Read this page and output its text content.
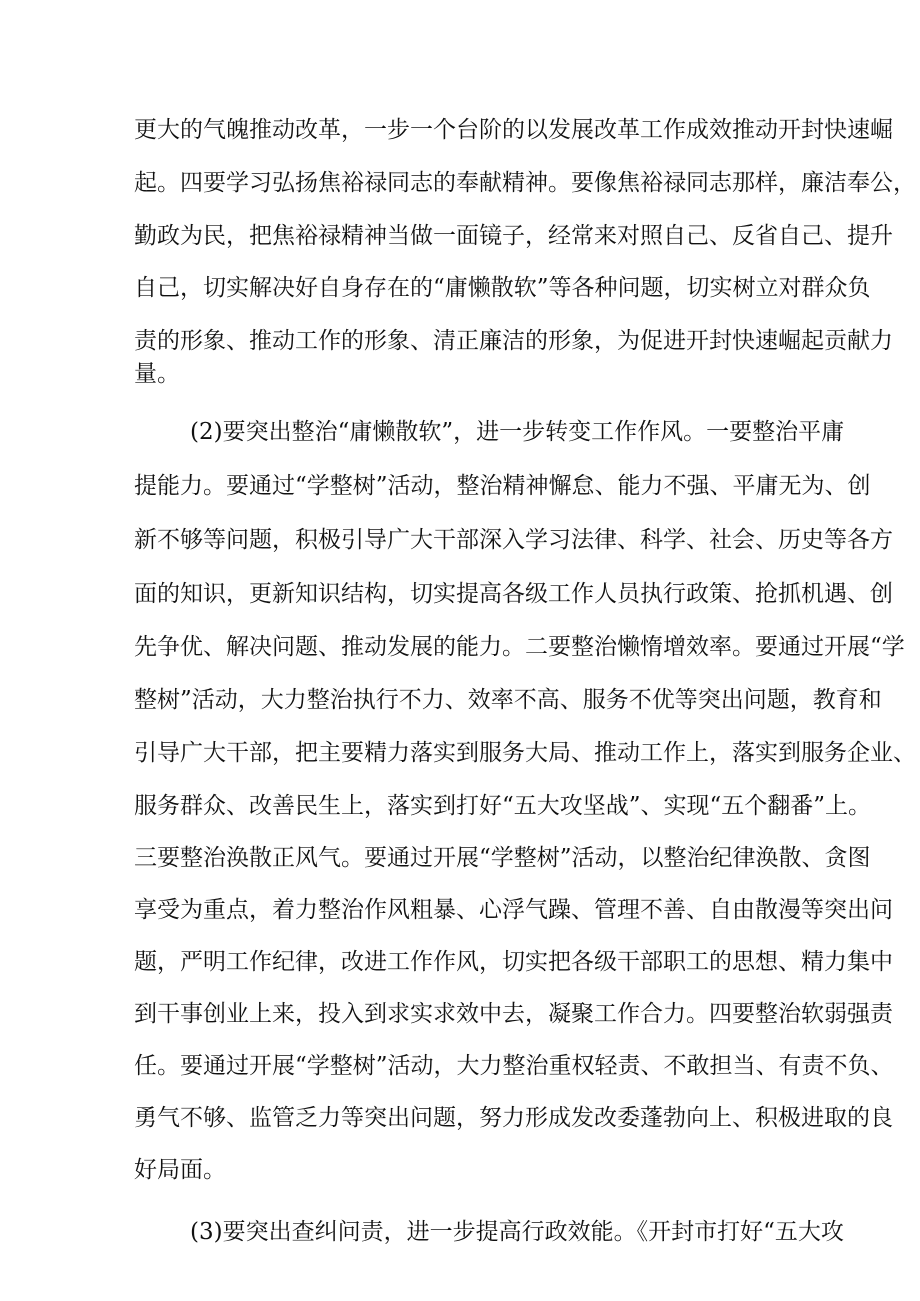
更大的气魄推动改革，一步一个台阶的以发展改革工作成效推动开封快速崛
起。四要学习弘扬焦裕禄同志的奉献精神。要像焦裕禄同志那样，廉洁奉公，
勤政为民，把焦裕禄精神当做一面镜子，经常来对照自己、反省自己、提升
自己，切实解决好自身存在的“庸懒散软”等各种问题，切实树立对群众负
责的形象、推动工作的形象、清正廉洁的形象，为促进开封快速崛起贡献力
量。
(2)要突出整治“庸懒散软”，进一步转变工作作风。一要整治平庸
提能力。要通过“学整树”活动，整治精神懈怠、能力不强、平庸无为、创
新不够等问题，积极引导广大干部深入学习法律、科学、社会、历史等各方
面的知识，更新知识结构，切实提高各级工作人员执行政策、抢抓机遇、创
先争优、解决问题、推动发展的能力。二要整治懒惰增效率。要通过开展“学
整树”活动，大力整治执行不力、效率不高、服务不优等突出问题，教育和
引导广大干部，把主要精力落实到服务大局、推动工作上，落实到服务企业、
服务群众、改善民生上，落实到打好“五大攻坚战”、实现“五个翻番”上。
三要整治涣散正风气。要通过开展“学整树”活动，以整治纪律涣散、贪图
享受为重点，着力整治作风粗暴、心浮气躁、管理不善、自由散漫等突出问
题，严明工作纪律，改进工作作风，切实把各级干部职工的思想、精力集中
到干事创业上来，投入到求实求效中去，凝聚工作合力。四要整治软弱强责
任。要通过开展“学整树”活动，大力整治重权轻责、不敢担当、有责不负、
勇气不够、监管乏力等突出问题，努力形成发改委蓬勃向上、积极进取的良
好局面。
(3)要突出查纠问责，进一步提高行政效能。《开封市打好“五大攻
